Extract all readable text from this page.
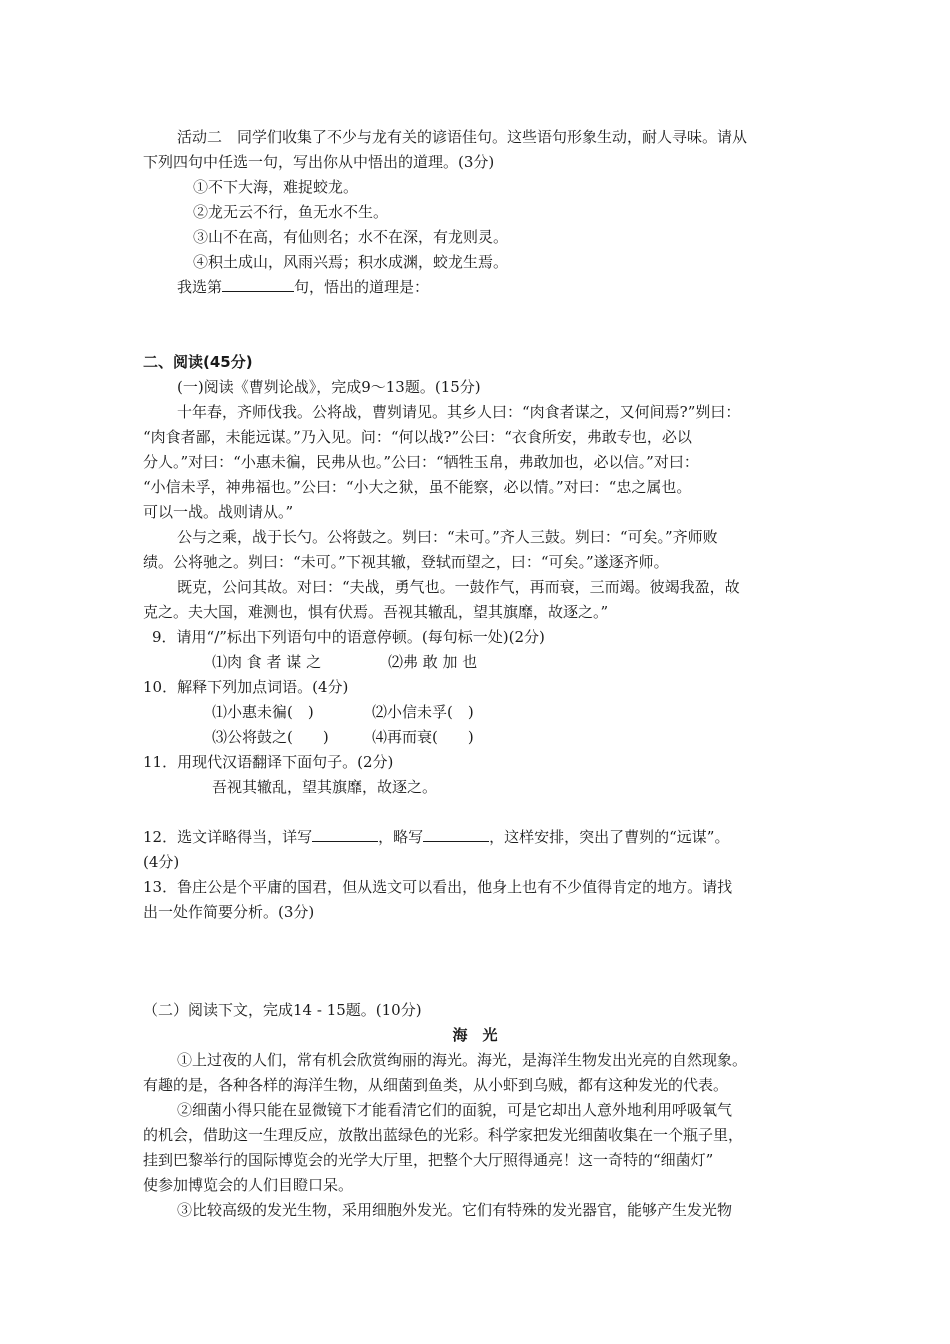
活动二　同学们收集了不少与龙有关的谚语佳句。这些语句形象生动，耐人寻味。请从
下列四句中任选一句，写出你从中悟出的道理。(3分)
①不下大海，难捉蛟龙。
②龙无云不行，鱼无水不生。
③山不在高，有仙则名；水不在深，有龙则灵。
④积土成山，风雨兴焉；积水成渊，蛟龙生焉。
我选第	句，悟出的道理是：
二、阅读(45分)
(一)阅读《曹刿论战》，完成9～13题。(15分)
十年春，齐师伐我。公将战，曹刿请见。其乡人曰：“肉食者谋之，又何间焉?”刿曰：
“肉食者鄙，未能远谋。”乃入见。问：“何以战?”公曰：“衣食所安，弗敢专也，必以
分人。”对曰：“小惠未徧，民弗从也。”公曰：“牺牲玉帛，弗敢加也，必以信。”对曰：
“小信未孚，神弗福也。”公曰：“小大之狱，虽不能察，必以情。”对曰：“忠之属也。
可以一战。战则请从。”
公与之乘，战于长勺。公将鼓之。刿曰：“未可。”齐人三鼓。刿曰：“可矣。”齐师败
绩。公将驰之。刿曰：“未可。”下视其辙，登轼而望之，曰：“可矣。”遂逐齐师。
既克，公问其故。对曰：“夫战，勇气也。一鼓作气，再而衰，三而竭。彼竭我盈，故
克之。夫大国，难测也，惧有伏焉。吾视其辙乱，望其旗靡，故逐之。”
9．请用“/”标出下列语句中的语意停顿。(每句标一处)(2分)
⑴肉 食 者 谋 之	⑵弗 敢 加 也
10．解释下列加点词语。(4分)
⑴小惠未徧(　)	⑵小信未孚(　)
⑶公将鼓之(　　)	⑷再而衰(　　)
11．用现代汉语翻译下面句子。(2分)
吾视其辙乱，望其旗靡，故逐之。
12．选文详略得当，详写	，略写	，这样安排，突出了曹刿的“远谋”。
(4分)
13．鲁庄公是个平庸的国君，但从选文可以看出，他身上也有不少值得肯定的地方。请找
出一处作简要分析。(3分)
（二）阅读下文，完成14 - 15题。(10分)
海　光
①上过夜的人们，常有机会欣赏绚丽的海光。海光，是海洋生物发出光亮的自然现象。
有趣的是，各种各样的海洋生物，从细菌到鱼类，从小虾到乌贼，都有这种发光的代表。
②细菌小得只能在显微镜下才能看清它们的面貌，可是它却出人意外地利用呼吸氧气
的机会，借助这一生理反应，放散出蓝绿色的光彩。科学家把发光细菌收集在一个瓶子里，
挂到巴黎举行的国际博览会的光学大厅里，把整个大厅照得通亮！这一奇特的“细菌灯”
使参加博览会的人们目瞪口呆。
③比较高级的发光生物，采用细胞外发光。它们有特殊的发光器官，能够产生发光物
